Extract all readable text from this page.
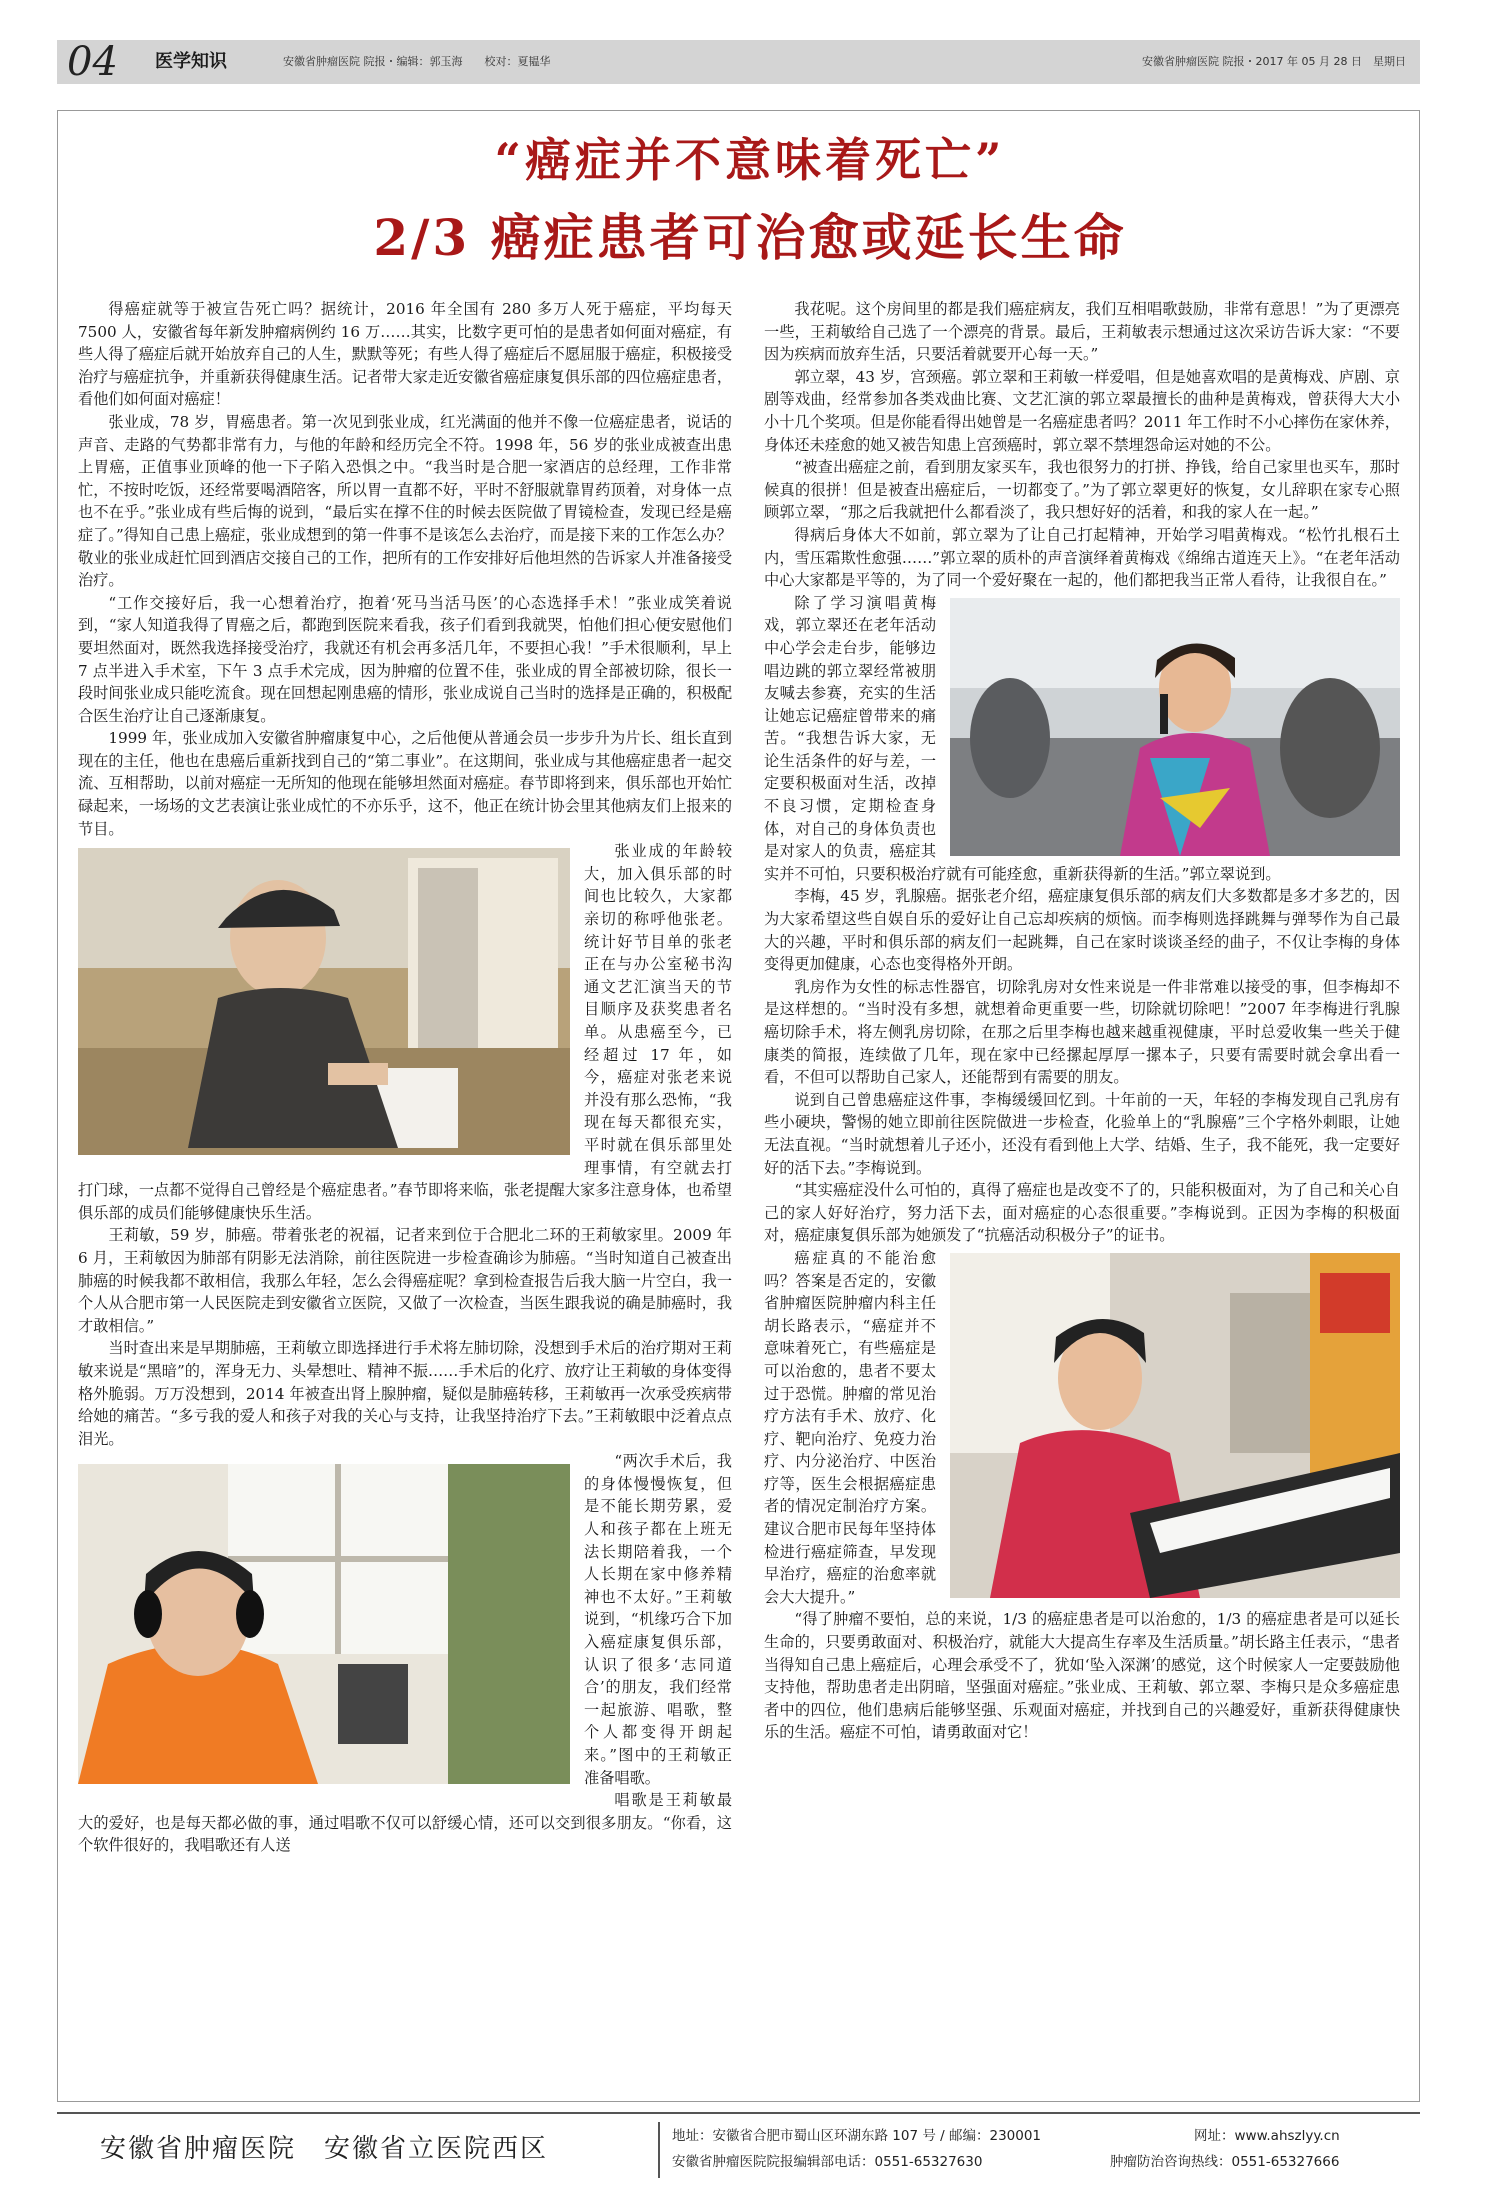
04 医学知识	安徽省肿瘤医院 院报・编辑：郭玉海　　校对：夏韫华	安徽省肿瘤医院 院报・2017 年 05 月 28 日　星期日
“癌症并不意味着死亡”
2/3 癌症患者可治愈或延长生命

得癌症就等于被宣告死亡吗？据统计，2016 年全国有 280 多万人死于癌症，平均每天 7500 人，安徽省每年新发肿瘤病例约 16 万……其实，比数字更可怕的是患者如何面对癌症，有些人得了癌症后就开始放弃自己的人生，默默等死；有些人得了癌症后不愿屈服于癌症，积极接受治疗与癌症抗争，并重新获得健康生活。记者带大家走近安徽省癌症康复俱乐部的四位癌症患者，看他们如何面对癌症！

张业成，78 岁，胃癌患者。第一次见到张业成，红光满面的他并不像一位癌症患者，说话的声音、走路的气势都非常有力，与他的年龄和经历完全不符。1998 年，56 岁的张业成被查出患上胃癌，正值事业顶峰的他一下子陷入恐惧之中。“我当时是合肥一家酒店的总经理，工作非常忙，不按时吃饭，还经常要喝酒陪客，所以胃一直都不好，平时不舒服就靠胃药顶着，对身体一点也不在乎。”张业成有些后悔的说到，“最后实在撑不住的时候去医院做了胃镜检查，发现已经是癌症了。”得知自己患上癌症，张业成想到的第一件事不是该怎么去治疗，而是接下来的工作怎么办？敬业的张业成赶忙回到酒店交接自己的工作，把所有的工作安排好后他坦然的告诉家人并准备接受治疗。

“工作交接好后，我一心想着治疗，抱着‘死马当活马医’的心态选择手术！”张业成笑着说到，“家人知道我得了胃癌之后，都跑到医院来看我，孩子们看到我就哭，怕他们担心便安慰他们要坦然面对，既然我选择接受治疗，我就还有机会再多活几年，不要担心我！”手术很顺利，早上 7 点半进入手术室，下午 3 点手术完成，因为肿瘤的位置不佳，张业成的胃全部被切除，很长一段时间张业成只能吃流食。现在回想起刚患癌的情形，张业成说自己当时的选择是正确的，积极配合医生治疗让自己逐渐康复。

1999 年，张业成加入安徽省肿瘤康复中心，之后他便从普通会员一步步升为片长、组长直到现在的主任，他也在患癌后重新找到自己的“第二事业”。在这期间，张业成与其他癌症患者一起交流、互相帮助，以前对癌症一无所知的他现在能够坦然面对癌症。春节即将到来，俱乐部也开始忙碌起来，一场场的文艺表演让张业成忙的不亦乐乎，这不，他正在统计协会里其他病友们上报来的节目。

张业成的年龄较大，加入俱乐部的时间也比较久，大家都亲切的称呼他张老。统计好节目单的张老正在与办公室秘书沟通文艺汇演当天的节目顺序及获奖患者名单。从患癌至今，已经超过 17 年，如今，癌症对张老来说并没有那么恐怖，“我现在每天都很充实，平时就在俱乐部里处理事情，有空就去打打门球，一点都不觉得自己曾经是个癌症患者。”春节即将来临，张老提醒大家多注意身体，也希望俱乐部的成员们能够健康快乐生活。

王莉敏，59 岁，肺癌。带着张老的祝福，记者来到位于合肥北二环的王莉敏家里。2009 年 6 月，王莉敏因为肺部有阴影无法消除，前往医院进一步检查确诊为肺癌。“当时知道自己被查出肺癌的时候我都不敢相信，我那么年轻，怎么会得癌症呢？拿到检查报告后我大脑一片空白，我一个人从合肥市第一人民医院走到安徽省立医院，又做了一次检查，当医生跟我说的确是肺癌时，我才敢相信。”

当时查出来是早期肺癌，王莉敏立即选择进行手术将左肺切除，没想到手术后的治疗期对王莉敏来说是“黑暗”的，浑身无力、头晕想吐、精神不振……手术后的化疗、放疗让王莉敏的身体变得格外脆弱。万万没想到，2014 年被查出肾上腺肿瘤，疑似是肺癌转移，王莉敏再一次承受疾病带给她的痛苦。“多亏我的爱人和孩子对我的关心与支持，让我坚持治疗下去。”王莉敏眼中泛着点点泪光。

“两次手术后，我的身体慢慢恢复，但是不能长期劳累，爱人和孩子都在上班无法长期陪着我，一个人长期在家中修养精神也不太好。”王莉敏说到，“机缘巧合下加入癌症康复俱乐部，认识了很多‘志同道合’的朋友，我们经常一起旅游、唱歌，整个人都变得开朗起来。”图中的王莉敏正准备唱歌。

唱歌是王莉敏最大的爱好，也是每天都必做的事，通过唱歌不仅可以舒缓心情，还可以交到很多朋友。“你看，这个软件很好的，我唱歌还有人送

我花呢。这个房间里的都是我们癌症病友，我们互相唱歌鼓励，非常有意思！”为了更漂亮一些，王莉敏给自己选了一个漂亮的背景。最后，王莉敏表示想通过这次采访告诉大家：“不要因为疾病而放弃生活，只要活着就要开心每一天。”

郭立翠，43 岁，宫颈癌。郭立翠和王莉敏一样爱唱，但是她喜欢唱的是黄梅戏、庐剧、京剧等戏曲，经常参加各类戏曲比赛、文艺汇演的郭立翠最擅长的曲种是黄梅戏，曾获得大大小小十几个奖项。但是你能看得出她曾是一名癌症患者吗？2011 年工作时不小心摔伤在家休养，身体还未痊愈的她又被告知患上宫颈癌时，郭立翠不禁埋怨命运对她的不公。

“被查出癌症之前，看到朋友家买车，我也很努力的打拼、挣钱，给自己家里也买车，那时候真的很拼！但是被查出癌症后，一切都变了。”为了郭立翠更好的恢复，女儿辞职在家专心照顾郭立翠，“那之后我就把什么都看淡了，我只想好好的活着，和我的家人在一起。”

得病后身体大不如前，郭立翠为了让自己打起精神，开始学习唱黄梅戏。“松竹扎根石土内，雪压霜欺性愈强……”郭立翠的质朴的声音演绎着黄梅戏《绵绵古道连天上》。“在老年活动中心大家都是平等的，为了同一个爱好聚在一起的，他们都把我当正常人看待，让我很自在。”

除了学习演唱黄梅戏，郭立翠还在老年活动中心学会走台步，能够边唱边跳的郭立翠经常被朋友喊去参赛，充实的生活让她忘记癌症曾带来的痛苦。“我想告诉大家，无论生活条件的好与差，一定要积极面对生活，改掉不良习惯，定期检查身体，对自己的身体负责也是对家人的负责，癌症其实并不可怕，只要积极治疗就有可能痊愈，重新获得新的生活。”郭立翠说到。

李梅，45 岁，乳腺癌。据张老介绍，癌症康复俱乐部的病友们大多数都是多才多艺的，因为大家希望这些自娱自乐的爱好让自己忘却疾病的烦恼。而李梅则选择跳舞与弹琴作为自己最大的兴趣，平时和俱乐部的病友们一起跳舞，自己在家时谈谈圣经的曲子，不仅让李梅的身体变得更加健康，心态也变得格外开朗。

乳房作为女性的标志性器官，切除乳房对女性来说是一件非常难以接受的事，但李梅却不是这样想的。“当时没有多想，就想着命更重要一些，切除就切除吧！”2007 年李梅进行乳腺癌切除手术，将左侧乳房切除，在那之后里李梅也越来越重视健康，平时总爱收集一些关于健康类的简报，连续做了几年，现在家中已经摞起厚厚一摞本子，只要有需要时就会拿出看一看，不但可以帮助自己家人，还能帮到有需要的朋友。

说到自己曾患癌症这件事，李梅缓缓回忆到。十年前的一天，年轻的李梅发现自己乳房有些小硬块，警惕的她立即前往医院做进一步检查，化验单上的“乳腺癌”三个字格外刺眼，让她无法直视。“当时就想着儿子还小，还没有看到他上大学、结婚、生子，我不能死，我一定要好好的活下去。”李梅说到。

“其实癌症没什么可怕的，真得了癌症也是改变不了的，只能积极面对，为了自己和关心自己的家人好好治疗，努力活下去，面对癌症的心态很重要。”李梅说到。正因为李梅的积极面对，癌症康复俱乐部为她颁发了“抗癌活动积极分子”的证书。

癌症真的不能治愈吗？答案是否定的，安徽省肿瘤医院肿瘤内科主任胡长路表示，“癌症并不意味着死亡，有些癌症是可以治愈的，患者不要太过于恐慌。肿瘤的常见治疗方法有手术、放疗、化疗、靶向治疗、免疫力治疗、内分泌治疗、中医治疗等，医生会根据癌症患者的情况定制治疗方案。建议合肥市民每年坚持体检进行癌症筛查，早发现早治疗，癌症的治愈率就会大大提升。”

“得了肿瘤不要怕，总的来说，1/3 的癌症患者是可以治愈的，1/3 的癌症患者是可以延长生命的，只要勇敢面对、积极治疗，就能大大提高生存率及生活质量。”胡长路主任表示，“患者当得知自己患上癌症后，心理会承受不了，犹如‘坠入深渊’的感觉，这个时候家人一定要鼓励他支持他，帮助患者走出阴暗，坚强面对癌症。”张业成、王莉敏、郭立翠、李梅只是众多癌症患者中的四位，他们患病后能够坚强、乐观面对癌症，并找到自己的兴趣爱好，重新获得健康快乐的生活。癌症不可怕，请勇敢面对它！

安徽省肿瘤医院　安徽省立医院西区	地址：安徽省合肥市蜀山区环湖东路 107 号 / 邮编：230001
安徽省肿瘤医院院报编辑部电话：0551-65327630
网址：www.ahszlyy.cn
肿瘤防治咨询热线：0551-65327666
